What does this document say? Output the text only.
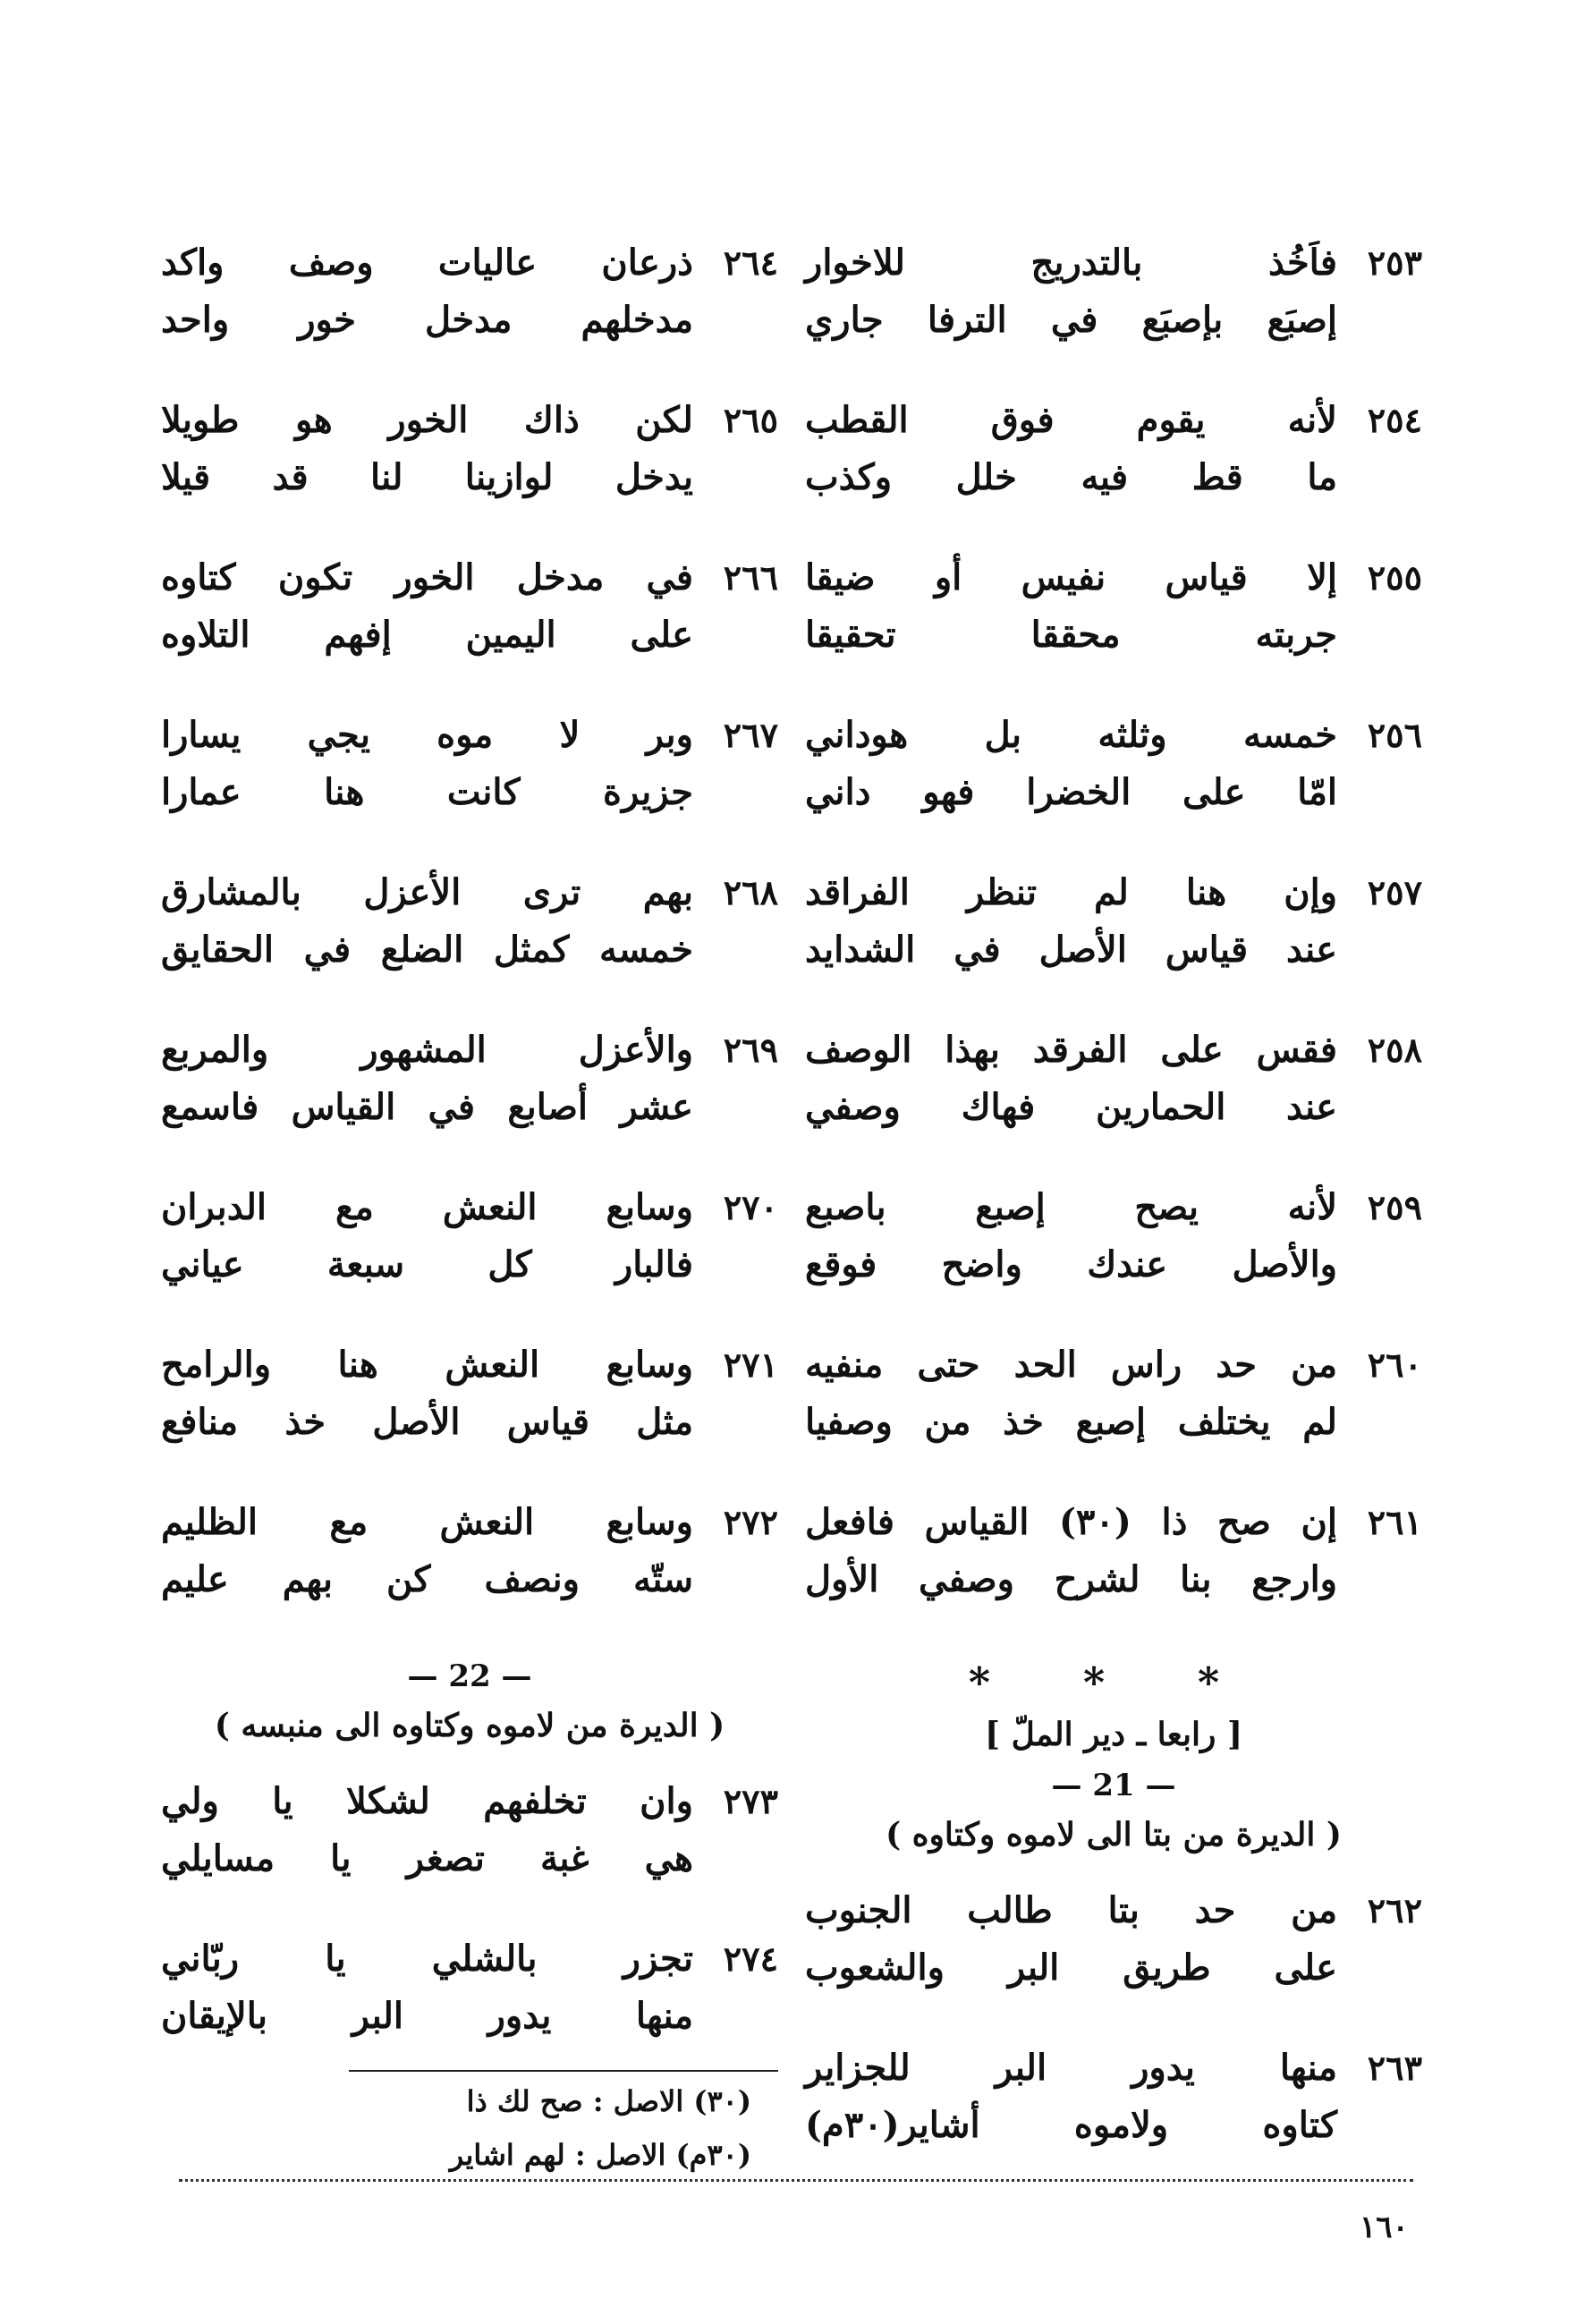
٢٥٣
فاَخُذ بالتدريج للاخوار
إصبَع بإصبَع في الترفا جاري
٢٥٤
لأنه يقوم فوق القطب
ما قط فيه خلل وكذب
٢٥٥
إلا قياس نفيس أو ضيقا
جربته محققا تحقيقا
٢٥٦
خمسه وثلثه بل هوداني
امّا على الخضرا فهو داني
٢٥٧
وإن هنا لم تنظر الفراقد
عند قياس الأصل في الشدايد
٢٥٨
فقس على الفرقد بهذا الوصف
عند الحمارين فهاك وصفي
٢٥٩
لأنه يصح إصبع باصبع
والأصل عندك واضح فوقع
٢٦٠
من حد راس الحد حتى منفيه
لم يختلف إصبع خذ من وصفيا
٢٦١
إن صح ذا (٣٠) القياس فافعل
وارجع بنا لشرح وصفي الأول
* * *
[ رابعا ـ دير الملّ ]
— 21 —
( الديرة من بتا الى لاموه وكتاوه )
٢٦٢
من حد بتا طالب الجنوب
على طريق البر والشعوب
٢٦٣
منها يدور البر للجزاير
كتاوه ولاموه أشاير(٣٠م)
٢٦٤
ذرعان عاليات وصف واكد
مدخلهم مدخل خور واحد
٢٦٥
لكن ذاك الخور هو طويلا
يدخل لوازينا لنا قد قيلا
٢٦٦
في مدخل الخور تكون كتاوه
على اليمين إفهم التلاوه
٢٦٧
وبر لا موه يجي يسارا
جزيرة كانت هنا عمارا
٢٦٨
بهم ترى الأعزل بالمشارق
خمسه كمثل الضلع في الحقايق
٢٦٩
والأعزل المشهور والمربع
عشر أصابع في القياس فاسمع
٢٧٠
وسابع النعش مع الدبران
فالبار كل سبعة عياني
٢٧١
وسابع النعش هنا والرامح
مثل قياس الأصل خذ منافع
٢٧٢
وسابع النعش مع الظليم
ستّه ونصف كن بهم عليم
— 22 —
( الديرة من لاموه وكتاوه الى منبسه )
٢٧٣
وان تخلفهم لشكلا يا ولي
هي غبة تصغر يا مسايلي
٢٧٤
تجزر بالشلي يا ربّاني
منها يدور البر بالإيقان
(٣٠) الاصل : صح لك ذا
(٣٠م) الاصل : لهم اشاير
١٦٠
